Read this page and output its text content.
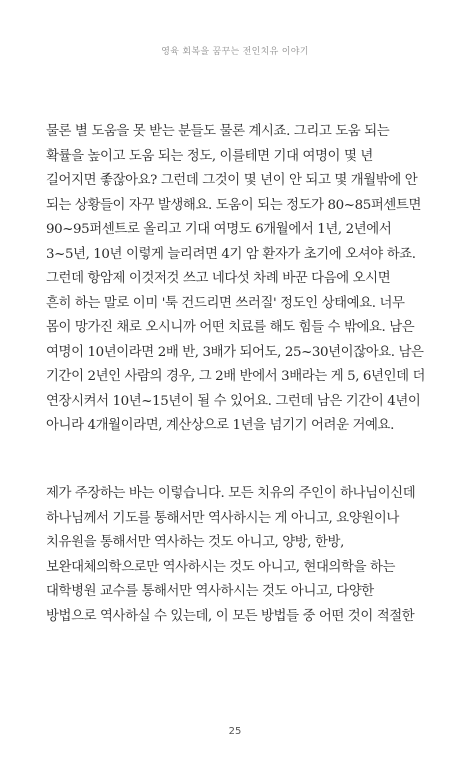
영육 회복을 꿈꾸는 전인치유 이야기
물론 별 도움을 못 받는 분들도 물론 계시죠. 그리고 도움 되는
확률을 높이고 도움 되는 정도, 이를테면 기대 여명이 몇 년
길어지면 좋잖아요? 그런데 그것이 몇 년이 안 되고 몇 개월밖에 안
되는 상황들이 자꾸 발생해요. 도움이 되는 정도가 80~85퍼센트면
90~95퍼센트로 올리고 기대 여명도 6개월에서 1년, 2년에서
3~5년, 10년 이렇게 늘리려면 4기 암 환자가 초기에 오셔야 하죠.
그런데 항암제 이것저것 쓰고 네다섯 차례 바꾼 다음에 오시면
흔히 하는 말로 이미 '툭 건드리면 쓰러질' 정도인 상태예요. 너무
몸이 망가진 채로 오시니까 어떤 치료를 해도 힘들 수 밖에요. 남은
여명이 10년이라면 2배 반, 3배가 되어도, 25~30년이잖아요. 남은
기간이 2년인 사람의 경우, 그 2배 반에서 3배라는 게 5, 6년인데 더
연장시켜서 10년~15년이 될 수 있어요. 그런데 남은 기간이 4년이
아니라 4개월이라면, 계산상으로 1년을 넘기기 어려운 거예요.
제가 주장하는 바는 이렇습니다. 모든 치유의 주인이 하나님이신데
하나님께서 기도를 통해서만 역사하시는 게 아니고, 요양원이나
치유원을 통해서만 역사하는 것도 아니고, 양방, 한방,
보완대체의학으로만 역사하시는 것도 아니고, 현대의학을 하는
대학병원 교수를 통해서만 역사하시는 것도 아니고, 다양한
방법으로 역사하실 수 있는데, 이 모든 방법들 중 어떤 것이 적절한
25
